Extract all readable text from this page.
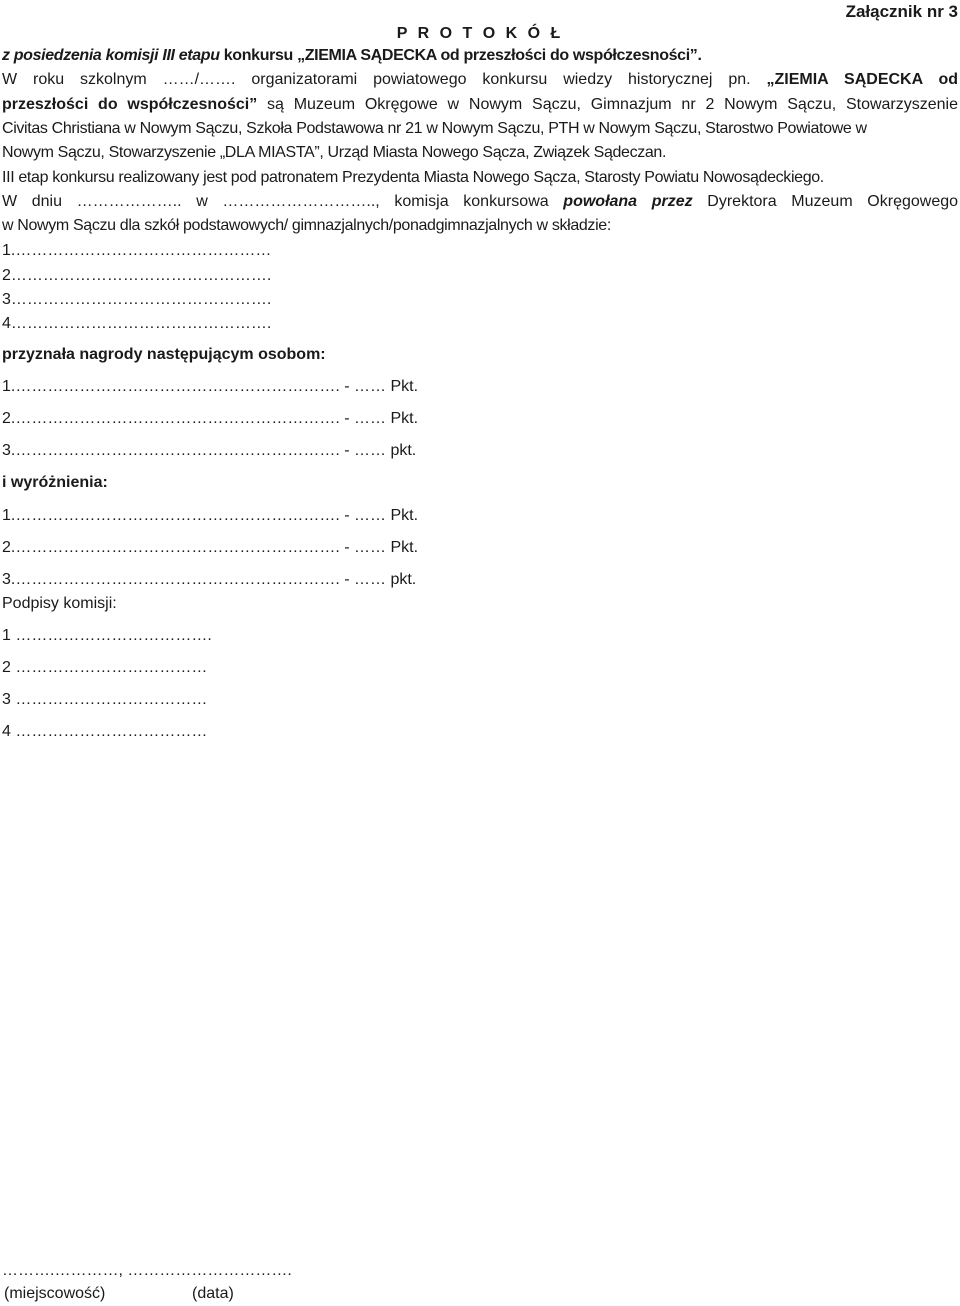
Załącznik nr 3
P R O T O K Ó Ł
z posiedzenia komisji III etapu konkursu „ZIEMIA SĄDECKA od przeszłości do współczesności”.
W roku szkolnym ……/……. organizatorami powiatowego konkursu wiedzy historycznej pn. „ZIEMIA SĄDECKA od
przeszłości do współczesności” są Muzeum Okręgowe w Nowym Sączu, Gimnazjum nr 2 Nowym Sączu, Stowarzyszenie
Civitas Christiana w Nowym Sączu, Szkoła Podstawowa nr 21 w Nowym Sączu, PTH w Nowym Sączu, Starostwo Powiatowe w
Nowym Sączu, Stowarzyszenie „DLA MIASTA”, Urząd Miasta Nowego Sącza, Związek Sądeczan.
III etap konkursu realizowany jest pod patronatem Prezydenta Miasta Nowego Sącza, Starosty Powiatu Nowosądeckiego.
W dniu ……………….. w ……………………….., komisja konkursowa powołana przez Dyrektora Muzeum Okręgowego
w Nowym Sączu dla szkół podstawowych/ gimnazjalnych/ponadgimnazjalnych w składzie:
1.…………………………………………
2………………………………………….
3………………………………………….
4………………………………………….
przyznała nagrody następującym osobom:
1.……………………………………………………. - …… Pkt.
2.……………………………………………………. - …… Pkt.
3.……………………………………………………. - …… pkt.
i wyróżnienia:
1.……………………………………………………. - …… Pkt.
2.……………………………………………………. - …… Pkt.
3.……………………………………………………. - …… pkt.
Podpisy komisji:
1 ……………………………….
2 ………………………………
3 ………………………………
4 ………………………………
……….…………, ………………………….
(miejscowość)	(data)
